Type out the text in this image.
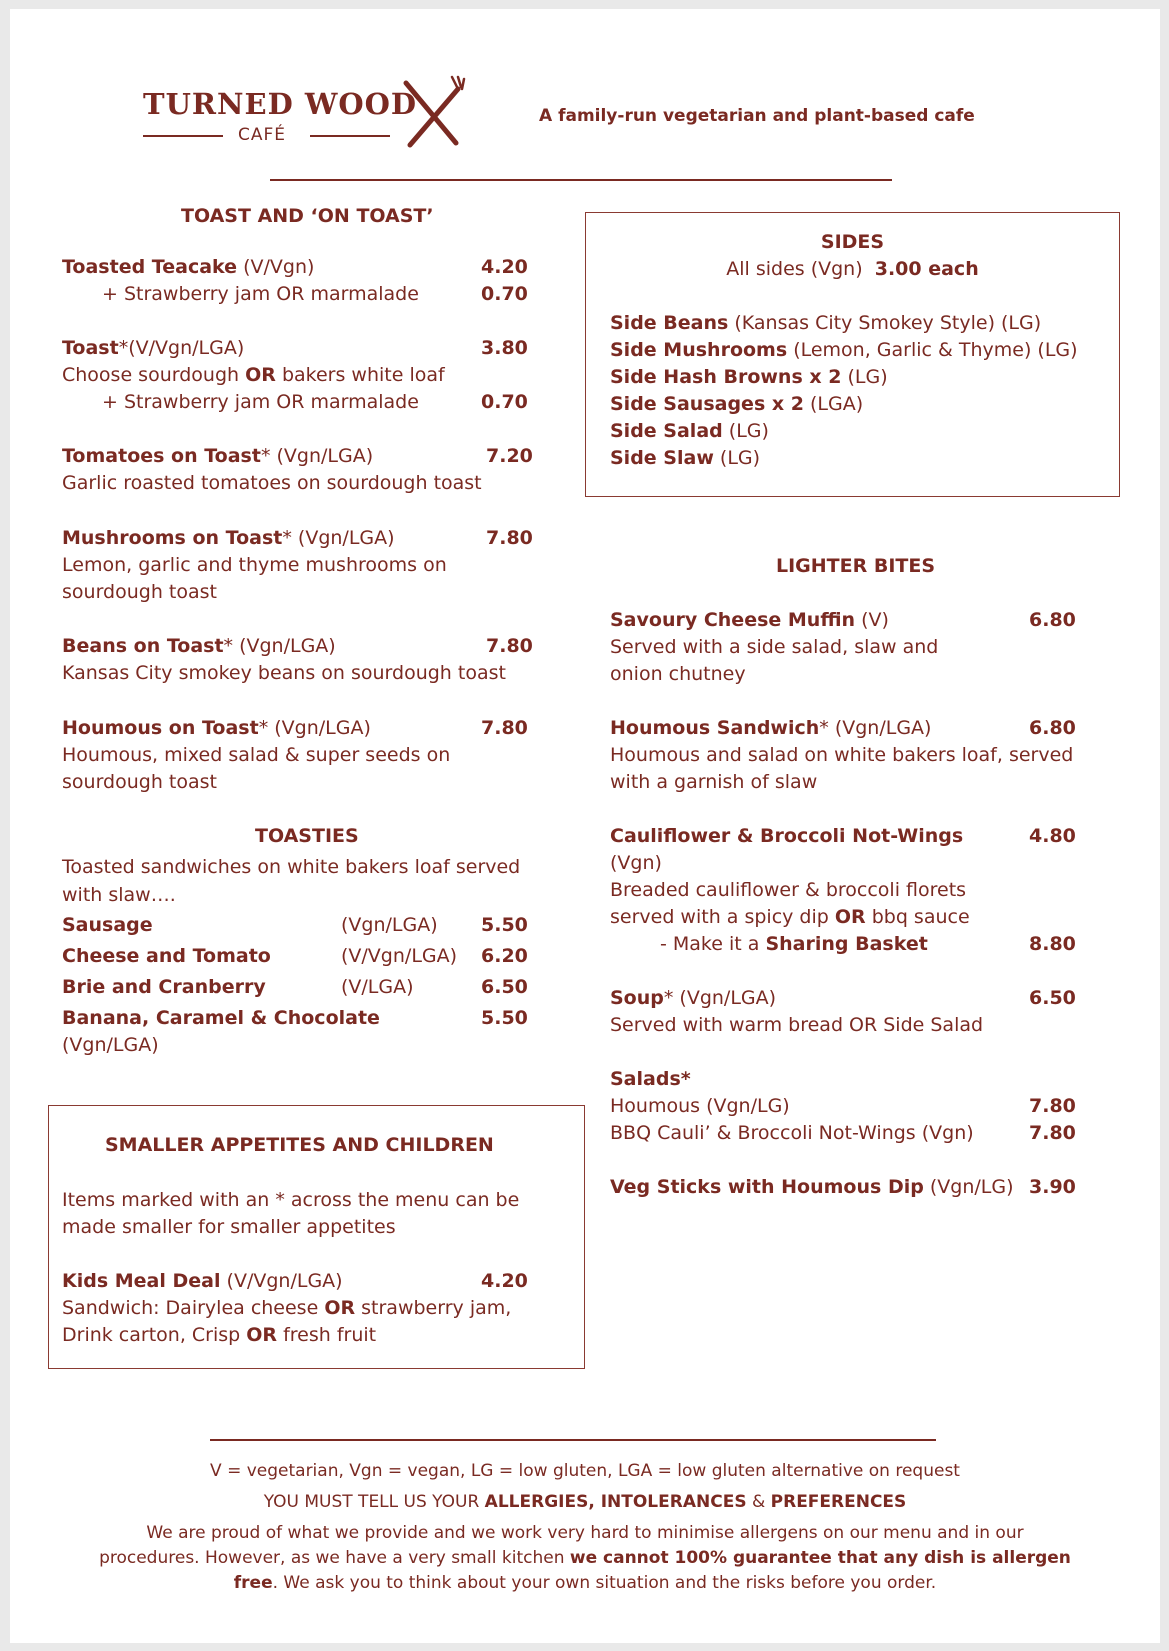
TURNED WOOD
CAFÉ
A family-run vegetarian and plant-based cafe
TOAST AND ‘ON TOAST’
Toasted Teacake (V/Vgn)	4.20
+ Strawberry jam OR marmalade	0.70
Toast*(V/Vgn/LGA)	3.80
Choose sourdough OR bakers white loaf
+ Strawberry jam OR marmalade	0.70
Tomatoes on Toast* (Vgn/LGA)	7.20
Garlic roasted tomatoes on sourdough toast
Mushrooms on Toast* (Vgn/LGA)	7.80
Lemon, garlic and thyme mushrooms on
sourdough toast
Beans on Toast* (Vgn/LGA)	7.80
Kansas City smokey beans on sourdough toast
Houmous on Toast* (Vgn/LGA)	7.80
Houmous, mixed salad & super seeds on
sourdough toast
TOASTIES
Toasted sandwiches on white bakers loaf served
with slaw….
Sausage	(Vgn/LGA) 5.50
Cheese and Tomato	(V/Vgn/LGA) 6.20
Brie and Cranberry	(V/LGA)	6.50
Banana, Caramel & Chocolate	5.50
(Vgn/LGA)
SMALLER APPETITES AND CHILDREN
Items marked with an * across the menu can be
made smaller for smaller appetites
Kids Meal Deal (V/Vgn/LGA)	4.20
Sandwich: Dairylea cheese OR strawberry jam,
Drink carton, Crisp OR fresh fruit
SIDES
All sides (Vgn) 3.00 each
Side Beans (Kansas City Smokey Style) (LG)
Side Mushrooms (Lemon, Garlic & Thyme) (LG)
Side Hash Browns x 2 (LG)
Side Sausages x 2 (LGA)
Side Salad (LG)
Side Slaw (LG)
LIGHTER BITES
Savoury Cheese Muffin (V)	6.80
Served with a side salad, slaw and
onion chutney
Houmous Sandwich* (Vgn/LGA)	6.80
Houmous and salad on white bakers loaf, served
with a garnish of slaw
Cauliflower & Broccoli Not-Wings	4.80
(Vgn)
Breaded cauliflower & broccoli florets
served with a spicy dip OR bbq sauce
- Make it a Sharing Basket	8.80
Soup* (Vgn/LGA)	6.50
Served with warm bread OR Side Salad
Salads*
Houmous (Vgn/LG)	7.80
BBQ Cauli’ & Broccoli Not-Wings (Vgn)	7.80
Veg Sticks with Houmous Dip (Vgn/LG) 3.90
V = vegetarian, Vgn = vegan, LG = low gluten, LGA = low gluten alternative on request
YOU MUST TELL US YOUR ALLERGIES, INTOLERANCES & PREFERENCES
We are proud of what we provide and we work very hard to minimise allergens on our menu and in our
procedures. However, as we have a very small kitchen we cannot 100% guarantee that any dish is allergen
free. We ask you to think about your own situation and the risks before you order.
